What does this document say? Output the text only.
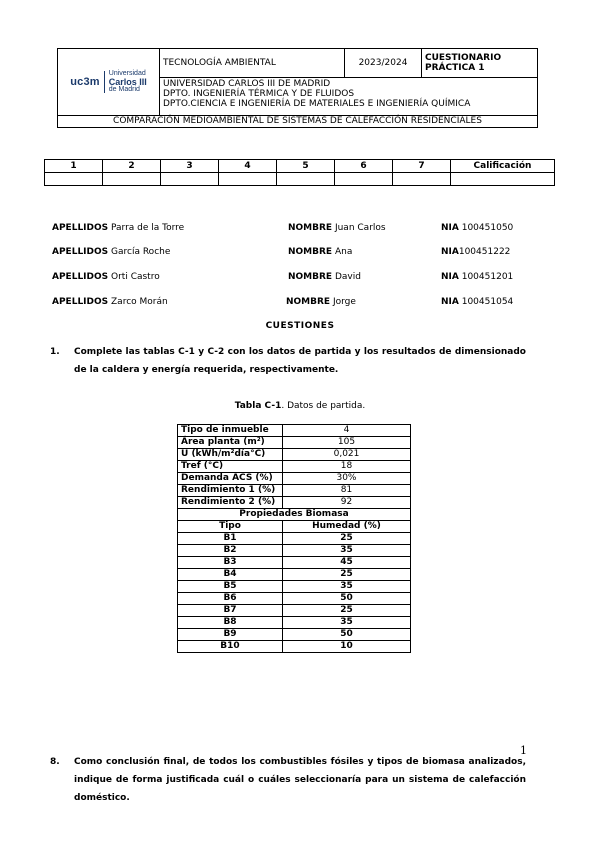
uc3m
Universidad
Carlos III
de Madrid
	TECNOLOGÍA AMBIENTAL	2023/2024	CUESTIONARIO
PRÁCTICA 1

UNIVERSIDAD CARLOS III DE MADRID
DPTO. INGENIERÍA TÉRMICA Y DE FLUIDOS
DPTO.CIENCIA E INGENIERÍA DE MATERIALES E INGENIERÍA QUÍMICA

COMPARACIÓN MEDIOAMBIENTAL DE SISTEMAS DE CALEFACCIÓN RESIDENCIALES
1	2	3	4	5	6	7	Calificación

APELLIDOS Parra de la Torre	NOMBRE Juan Carlos	NIA 100451050
APELLIDOS García Roche	NOMBRE Ana	NIA100451222
APELLIDOS Orti Castro	NOMBRE David	NIA 100451201
APELLIDOS Zarco Morán	NOMBRE Jorge	NIA 100451054
CUESTIONES
1. Complete las tablas C-1 y C-2 con los datos de partida y los resultados de dimensionado de la caldera y energía requerida, respectivamente.
Tabla C-1. Datos de partida.
Tipo de inmueble	4
Área planta (m²)	105
U (kWh/m²día°C)	0,021
Tref (°C)	18
Demanda ACS (%)	30%
Rendimiento 1 (%)	81
Rendimiento 2 (%)	92
Propiedades Biomasa	
Tipo	Humedad (%)
B1	25
B2	35
B3	45
B4	25
B5	35
B6	50
B7	25
B8	35
B9	50
B10	10
1
8. Como conclusión final, de todos los combustibles fósiles y tipos de biomasa analizados, indique de forma justificada cuál o cuáles seleccionaría para un sistema de calefacción doméstico.
